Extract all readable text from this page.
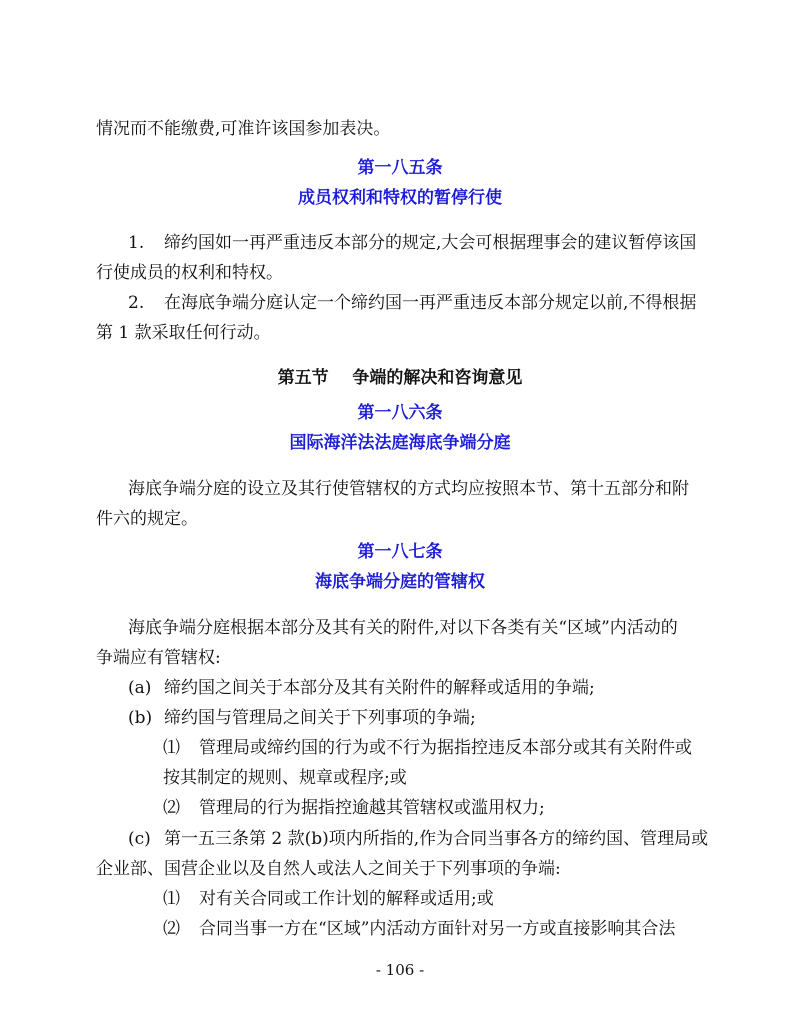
情况而不能缴费,可准许该国参加表决。
第一八五条
成员权利和特权的暂停行使
1. 缔约国如一再严重违反本部分的规定,大会可根据理事会的建议暂停该国
行使成员的权利和特权。
2. 在海底争端分庭认定一个缔约国一再严重违反本部分规定以前,不得根据
第 1 款采取任何行动。
第五节    争端的解决和咨询意见
第一八六条
国际海洋法法庭海底争端分庭
海底争端分庭的设立及其行使管辖权的方式均应按照本节、第十五部分和附
件六的规定。
第一八七条
海底争端分庭的管辖权
海底争端分庭根据本部分及其有关的附件,对以下各类有关“区域”内活动的
争端应有管辖权:
(a) 缔约国之间关于本部分及其有关附件的解释或适用的争端;
(b) 缔约国与管理局之间关于下列事项的争端;
⑴ 管理局或缔约国的行为或不行为据指控违反本部分或其有关附件或
按其制定的规则、规章或程序;或
⑵ 管理局的行为据指控逾越其管辖权或滥用权力;
(c) 第一五三条第 2 款(b)项内所指的,作为合同当事各方的缔约国、管理局或
企业部、国营企业以及自然人或法人之间关于下列事项的争端:
⑴ 对有关合同或工作计划的解释或适用;或
⑵ 合同当事一方在“区域”内活动方面针对另一方或直接影响其合法
- 106 -
